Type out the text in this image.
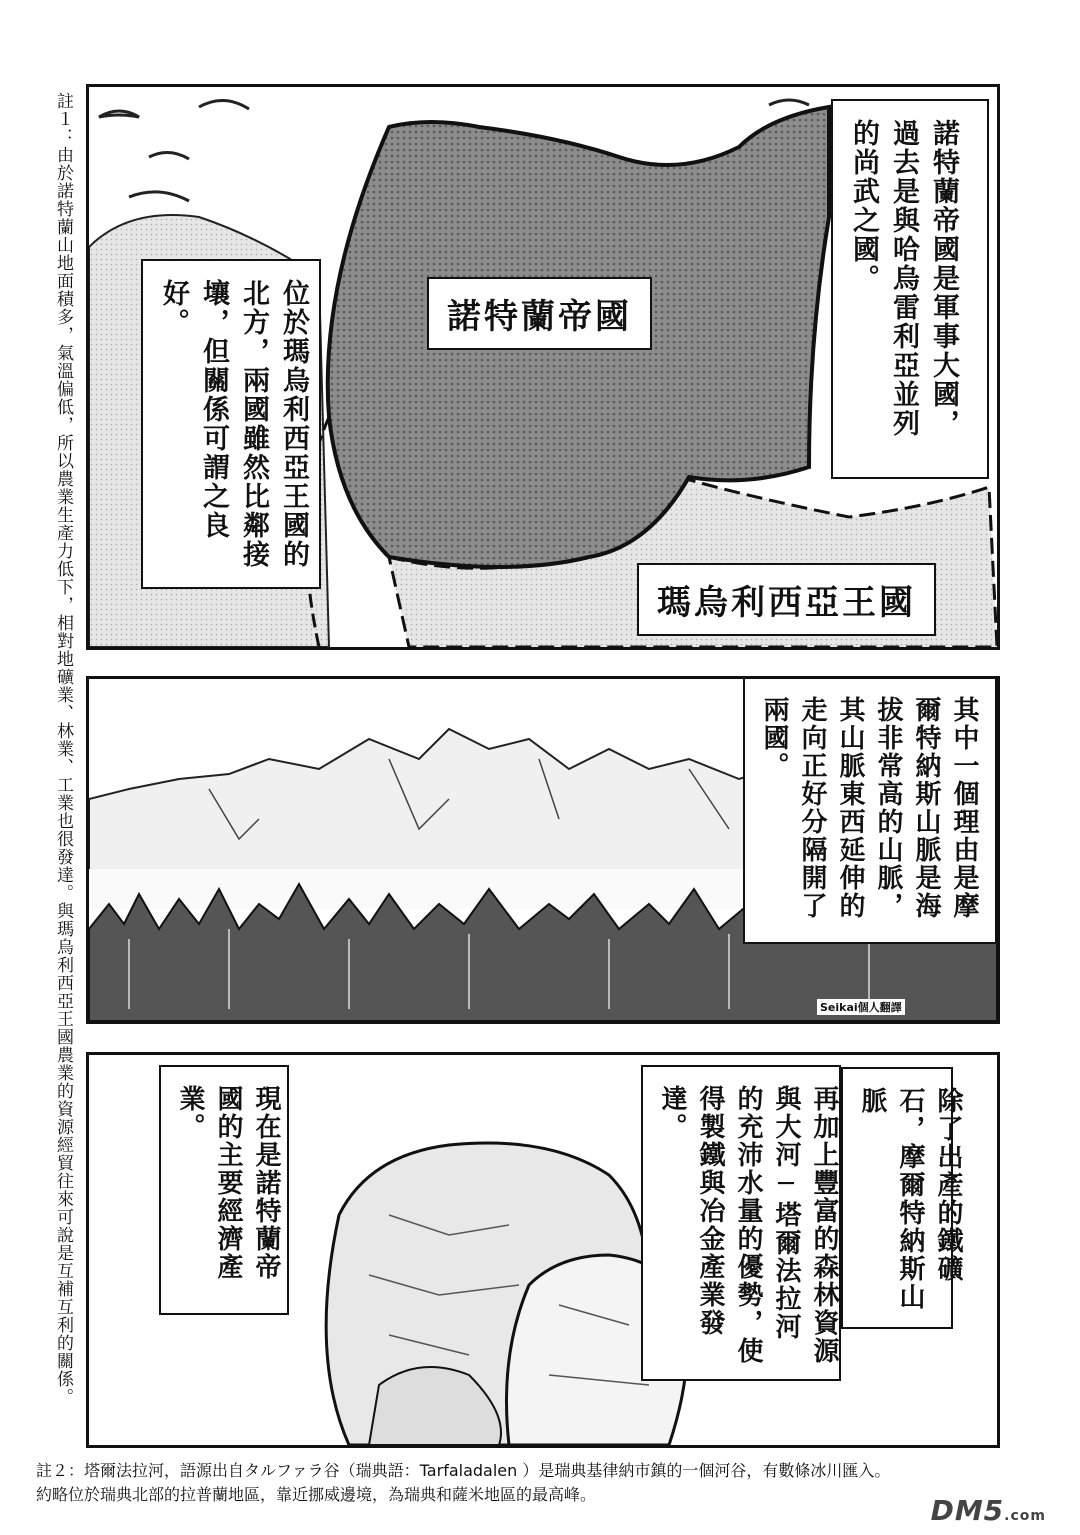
註１：由於諾特蘭山地面積多，氣溫偏低，所以農業生產力低下，相對地礦業、林業、工業也很發達。與瑪烏利西亞王國農業的資源經貿往來可說是互補互利的關係。	諾特蘭帝國
瑪烏利西亞王國
諾特蘭帝國是軍事大國，過去是與哈烏雷利亞並列的尚武之國。
位於瑪烏利西亞王國的北方，兩國雖然比鄰接壤，但關係可謂之良好。
其中一個理由是摩爾特納斯山脈是海拔非常高的山脈，其山脈東西延伸的走向正好分隔開了兩國。
Seikai個人翻譯
除了出產的鐵礦石，摩爾特納斯山脈
再加上豐富的森林資源與大河─塔爾法拉河的充沛水量的優勢，使得製鐵與冶金產業發達。
現在是諾特蘭帝國的主要經濟產業。
註２：塔爾法拉河，語源出自タルファラ谷（瑞典語：Tarfaladalen ）是瑞典基律納市鎮的一個河谷，有數條冰川匯入。
約略位於瑞典北部的拉普蘭地區，靠近挪威邊境，為瑞典和薩米地區的最高峰。	DM5.com
